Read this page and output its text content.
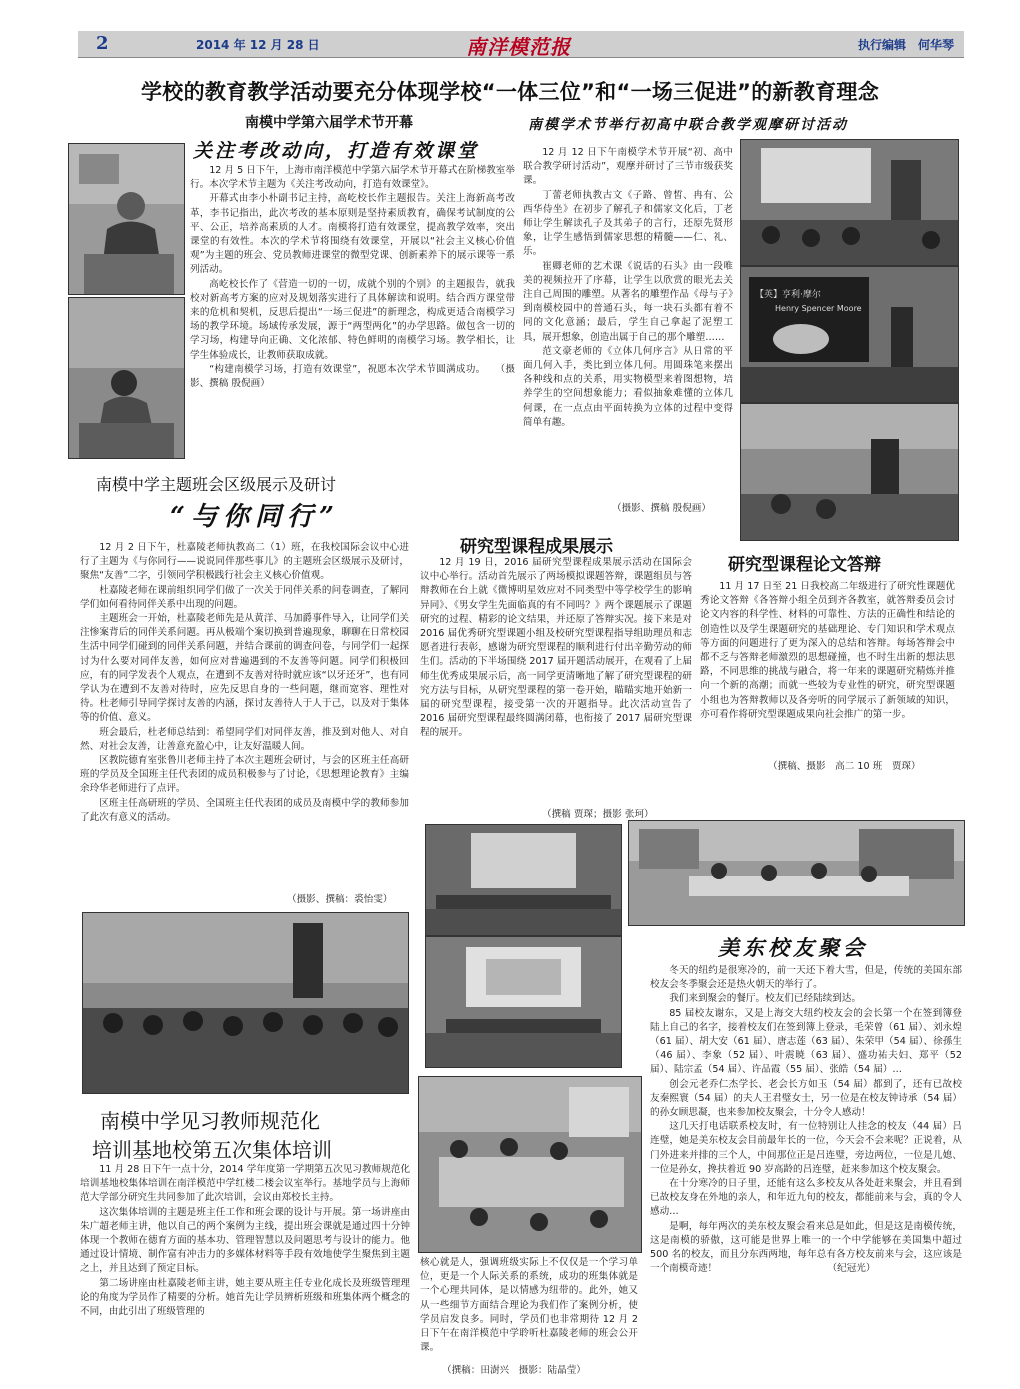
2	2014 年 12 月 28 日	南洋模范报	执行编辑　何华琴
学校的教育教学活动要充分体现学校“一体三位”和“一场三促进”的新教育理念
南模中学第六届学术节开幕
关注考改动向，打造有效课堂

12 月 5 日下午，上海市南洋模范中学第六届学术节开幕式在阶梯教室举行。本次学术节主题为《关注考改动向，打造有效课堂》。

开幕式由李小朴副书记主持，高屹校长作主题报告。关注上海新高考改革，李书记指出，此次考改的基本原则是坚持素质教育，确保考试制度的公平、公正，培养高素质的人才。南模将打造有效课堂，提高教学效率，突出课堂的有效性。本次的学术节将围绕有效课堂，开展以“社会主义核心价值观”为主题的班会、党员教师进课堂的微型党课、创新素养下的展示课等一系列活动。

高屹校长作了《营造一切的一切，成就个别的个别》的主题报告，就我校对新高考方案的应对及规划落实进行了具体解读和说明。结合西方课堂带来的危机和契机，反思后提出“一场三促进”的新理念，构成更适合南模学习场的教学环境。场域传承发展，源于“两型两化”的办学思路。做包含一切的学习场，构建导向正确、文化浓郁、特色鲜明的南模学习场。教学相长，让学生体验成长，让教师获取成就。

“构建南模学习场，打造有效课堂”，祝愿本次学术节圆满成功。　　（摄影、撰稿 殷倪画）

南模学术节举行初高中联合教学观摩研讨活动

12 月 12 日下午南模学术节开展“初、高中联合教学研讨活动”，观摩并研讨了三节市级获奖课。

丁蕾老师执教古文《子路、曾皙、冉有、公西华侍坐》在初步了解孔子和儒家文化后，丁老师让学生解读孔子及其弟子的言行，还原先贤形象，让学生感悟到儒家思想的精髓——仁、礼、乐。

崔卿老师的艺术课《说话的石头》由一段唯美的视频拉开了序幕，让学生以欣赏的眼光去关注自己周围的雕塑。从著名的雕塑作品《母与子》到南模校园中的普通石头，每一块石头都有着不同的文化意涵；最后，学生自己拿起了泥塑工具，展开想象，创造出属于自己的那个雕塑……

范文豪老师的《立体几何序言》从日常的平面几何入手，类比到立体几何。用圆珠笔来摆出各种线和点的关系，用实物模型来着图想物，培养学生的空间想象能力；看似抽象难懂的立体几何课，在一点点由平面转换为立体的过程中变得简单有趣。

（摄影、撰稿 殷倪画）
【英】亨利·摩尔
Henry Spencer Moore
南模中学主题班会区级展示及研讨
“与你同行”

12 月 2 日下午，杜嘉陵老师执教高二（1）班，在我校国际会议中心进行了主题为《与你同行——说说同伴那些事儿》的主题班会区级展示及研讨，聚焦“友善”二字，引领同学积极践行社会主义核心价值观。

杜嘉陵老师在课前组织同学们做了一次关于同伴关系的问卷调查，了解同学们如何看待同伴关系中出现的问题。

主题班会一开始，杜嘉陵老师先是从黄洋、马加爵事件导入，让同学们关注惨案背后的同伴关系问题。再从极端个案切换到普遍现象，聊聊在日常校园生活中同学们碰到的同伴关系问题，并结合课前的调查问卷，与同学们一起探讨为什么要对同伴友善，如何应对普遍遇到的不友善等问题。同学们积极回应，有的同学发表个人观点，在遭到不友善对待时就应该“以牙还牙”，也有同学认为在遭到不友善对待时，应先反思自身的一些问题，继而宽容、理性对待。杜老师引导同学探讨友善的内涵，探讨友善待人于人于己，以及对于集体等的价值、意义。

班会最后，杜老师总结到：希望同学们对同伴友善，推及到对他人、对自然、对社会友善，让善意充盈心中，让友好温暖人间。

区教院德育室张鲁川老师主持了本次主题班会研讨，与会的区班主任高研班的学员及全国班主任代表团的成员积极参与了讨论，《思想理论教育》主编余玲华老师进行了点评。

区班主任高研班的学员、全国班主任代表团的成员及南模中学的教师参加了此次有意义的活动。

（摄影、撰稿：裘怡雯）
研究型课程成果展示

12 月 19 日，2016 届研究型课程成果展示活动在国际会议中心举行。活动首先展示了两场模拟课题答辩，课题组员与答辩教师在台上就《微博明星效应对不同类型中等学校学生的影响异同》、《男女学生先面临真的有不同吗？》两个课题展示了课题研究的过程、精彩的论文结果，并还原了答辩实况。接下来是对 2016 届优秀研究型课题小组及校研究型课程指导组助理员和志愿者进行表彰，感谢为研究型课程的顺利进行付出辛勤劳动的师生们。活动的下半场围绕 2017 届开题活动展开，在观看了上届师生优秀成果展示后，高一同学更清晰地了解了研究型课程的研究方法与目标，从研究型课程的第一卷开始，瞄瞄实地开始新一届的研究型课程，接受第一次的开题指导。此次活动宣告了 2016 届研究型课程最终圆满闭幕，也衔接了 2017 届研究型课程的展开。

（撰稿 贾琛；摄影 张珂）
研究型课程论文答辩

11 月 17 日至 21 日我校高二年级进行了研究性课题优秀论文答辩《各答辩小组全员到齐各教室，就答辩委员会讨论文内容的科学性、材料的可靠性、方法的正确性和结论的创造性以及学生课题研究的基础理论、专门知识和学术观点等方面的问题进行了更为深入的总结和答辩。每场答辩会中都不乏与答辩老师激烈的思想碰撞，也不时生出新的想法思路，不同思维的挑战与融合，将一年来的课题研究精炼并推向一个新的高潮；而就一些较为专业性的研究，研究型课题小组也为答辩教师以及各旁听的同学展示了新领域的知识，亦可看作将研究型课题成果向社会推广的第一步。

（撰稿、摄影　高二 10 班　贾琛）
南模中学见习教师规范化
培训基地校第五次集体培训

11 月 28 日下午一点十分，2014 学年度第一学期第五次见习教师规范化培训基地校集体培训在南洋模范中学红楼二楼会议室举行。基地学员与上海师范大学部分研究生共同参加了此次培训，会议由郑校长主持。

这次集体培训的主题是班主任工作和班会课的设计与开展。第一场讲座由朱广超老师主讲，他以自己的两个案例为主线，提出班会课就是通过四十分钟体现一个教师在德育方面的基本功、管理智慧以及问题思考与设计的能力。他通过设计情境、制作富有冲击力的多媒体材料等手段有效地使学生聚焦到主题之上，并且达到了预定目标。

第二场讲座由杜嘉陵老师主讲，她主要从班主任专业化成长及班级管理理论的角度为学员作了精要的分析。她首先让学员辨析班级和班集体两个概念的不同，由此引出了班级管理的

核心就是人，强调班级实际上不仅仅是一个学习单位，更是一个人际关系的系统，成功的班集体就是一个心理共同体，是以情感为纽带的。此外，她又从一些细节方面结合理论为我们作了案例分析，使学员启发良多。同时，学员们也非常期待 12 月 2 日下午在南洋模范中学聆听杜嘉陵老师的班会公开课。

（撰稿：田澍兴　摄影：陆晶莹）
美东校友聚会

冬天的纽约是很寒冷的，前一天还下着大雪，但是，传统的美国东部校友会冬季聚会还是热火朝天的举行了。

我们来到聚会的餐厅。校友们已经陆续到达。

85 届校友谢东，又是上海交大纽约校友会的会长第一个在签到簿登陆上自己的名字，接着校友们在签到簿上登录，毛荣曾（61 届）、刘永煌（61 届）、胡大安（61 届）、唐志莲（63 届）、朱荣甲（54 届）、徐孫生（46 届）、李象（52 届）、叶震暁（63 届）、盛功祐夫妇、郑平（52 届）、陆宗孟（54 届）、许品霞（55 届）、张皓（54 届）…

创会元老乔仁杰学长、老会长方如玉（54 届）都到了，还有已故校友秦熙寰（54 届）的夫人王君璧女士，另一位是在校友钟诗承（54 届）的孙女顾思凝，也来参加校友聚会，十分令人感动！

这几天打电话联系校友时，有一位特别让人挂念的校友（44 届）吕连璧，她是美东校友会目前最年长的一位，今天会不会来呢？正说着，从门外进来并排的三个人，中间那位正是吕连璧，旁边两位，一位是儿媳、一位是孙女，搀扶着近 90 岁高龄的吕连璧，赶来参加这个校友聚会。

在十分寒冷的日子里，还能有这么多校友从各处赶来聚会，并且看到已故校友身在外地的亲人，和年近九旬的校友，都能前来与会，真的令人感动…

是啊，每年两次的美东校友聚会看来总是如此，但是这是南模传统，这是南模的骄傲，这可能是世界上唯一的一个中学能够在美国集中超过 500 名的校友，而且分东西两地，每年总有各方校友前来与会，这应该是一个南模奇迹！　　　　　　　　　　　　（纪冠光）
